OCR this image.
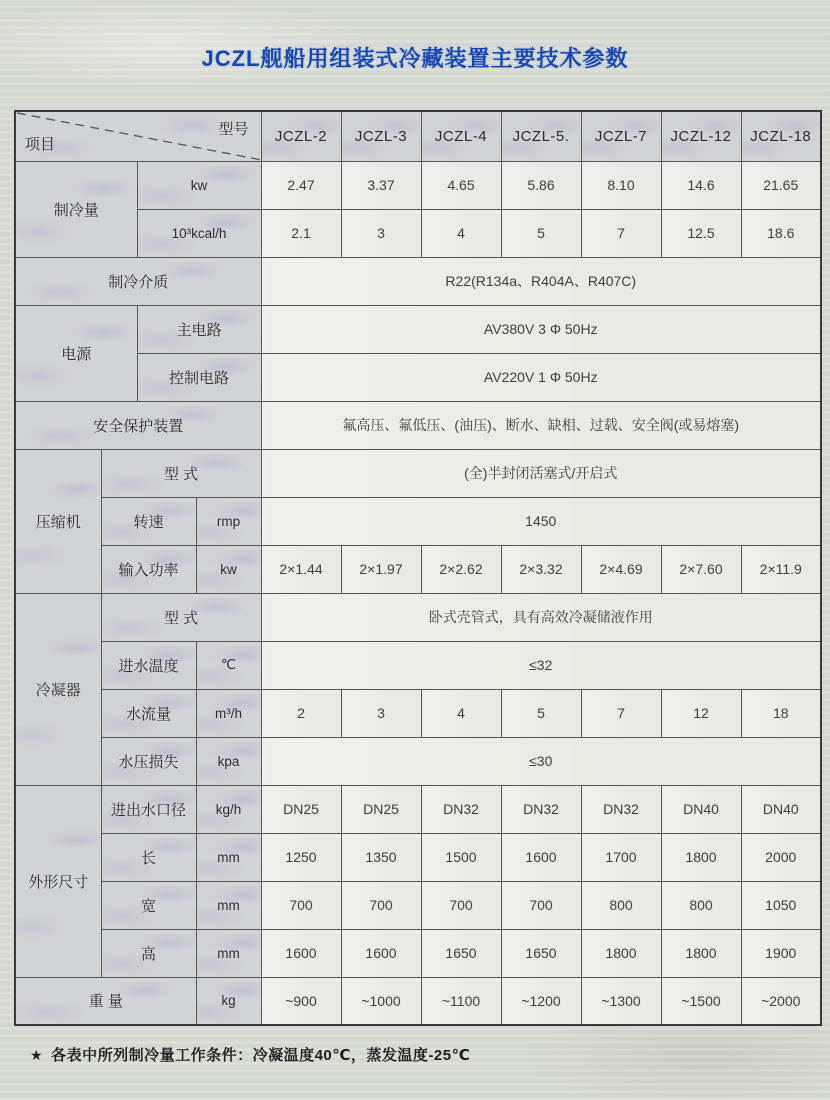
JCZL舰船用组装式冷藏装置主要技术参数
项目
型号				JCZL-2	JCZL-3	JCZL-4	JCZL-5.	JCZL-7	JCZL-12	JCZL-18
制冷量		kw		2.47	3.37	4.65	5.86	8.10	14.6	21.65
		10³kcal/h		2.1	3	4	5	7	12.5	18.6
制冷介质				R22(R134a、R404A、R407C)						
电源		主电路		AV380V 3 Φ 50Hz						
		控制电路		AV220V 1 Φ 50Hz						
安全保护装置				氟高压、氟低压、(油压)、断水、缺相、过载、安全阀(或易熔塞)						
压缩机	型 式			(全)半封闭活塞式/开启式						
	转速		rmp	1450						
	输入功率		kw	2×1.44	2×1.97	2×2.62	2×3.32	2×4.69	2×7.60	2×11.9
冷凝器	型 式			卧式壳管式，具有高效冷凝储液作用						
	进水温度		℃	≤32						
	水流量		m³/h	2	3	4	5	7	12	18
	水压损失		kpa	≤30						
外形尺寸	进出水口径		kg/h	DN25	DN25	DN32	DN32	DN32	DN40	DN40
	长		mm	1250	1350	1500	1600	1700	1800	2000
	宽		mm	700	700	700	700	800	800	1050
	高		mm	1600	1600	1650	1650	1800	1800	1900
重 量			kg	~900	~1000	~1100	~1200	~1300	~1500	~2000
★ 各表中所列制冷量工作条件：冷凝温度40℃，蒸发温度-25℃
